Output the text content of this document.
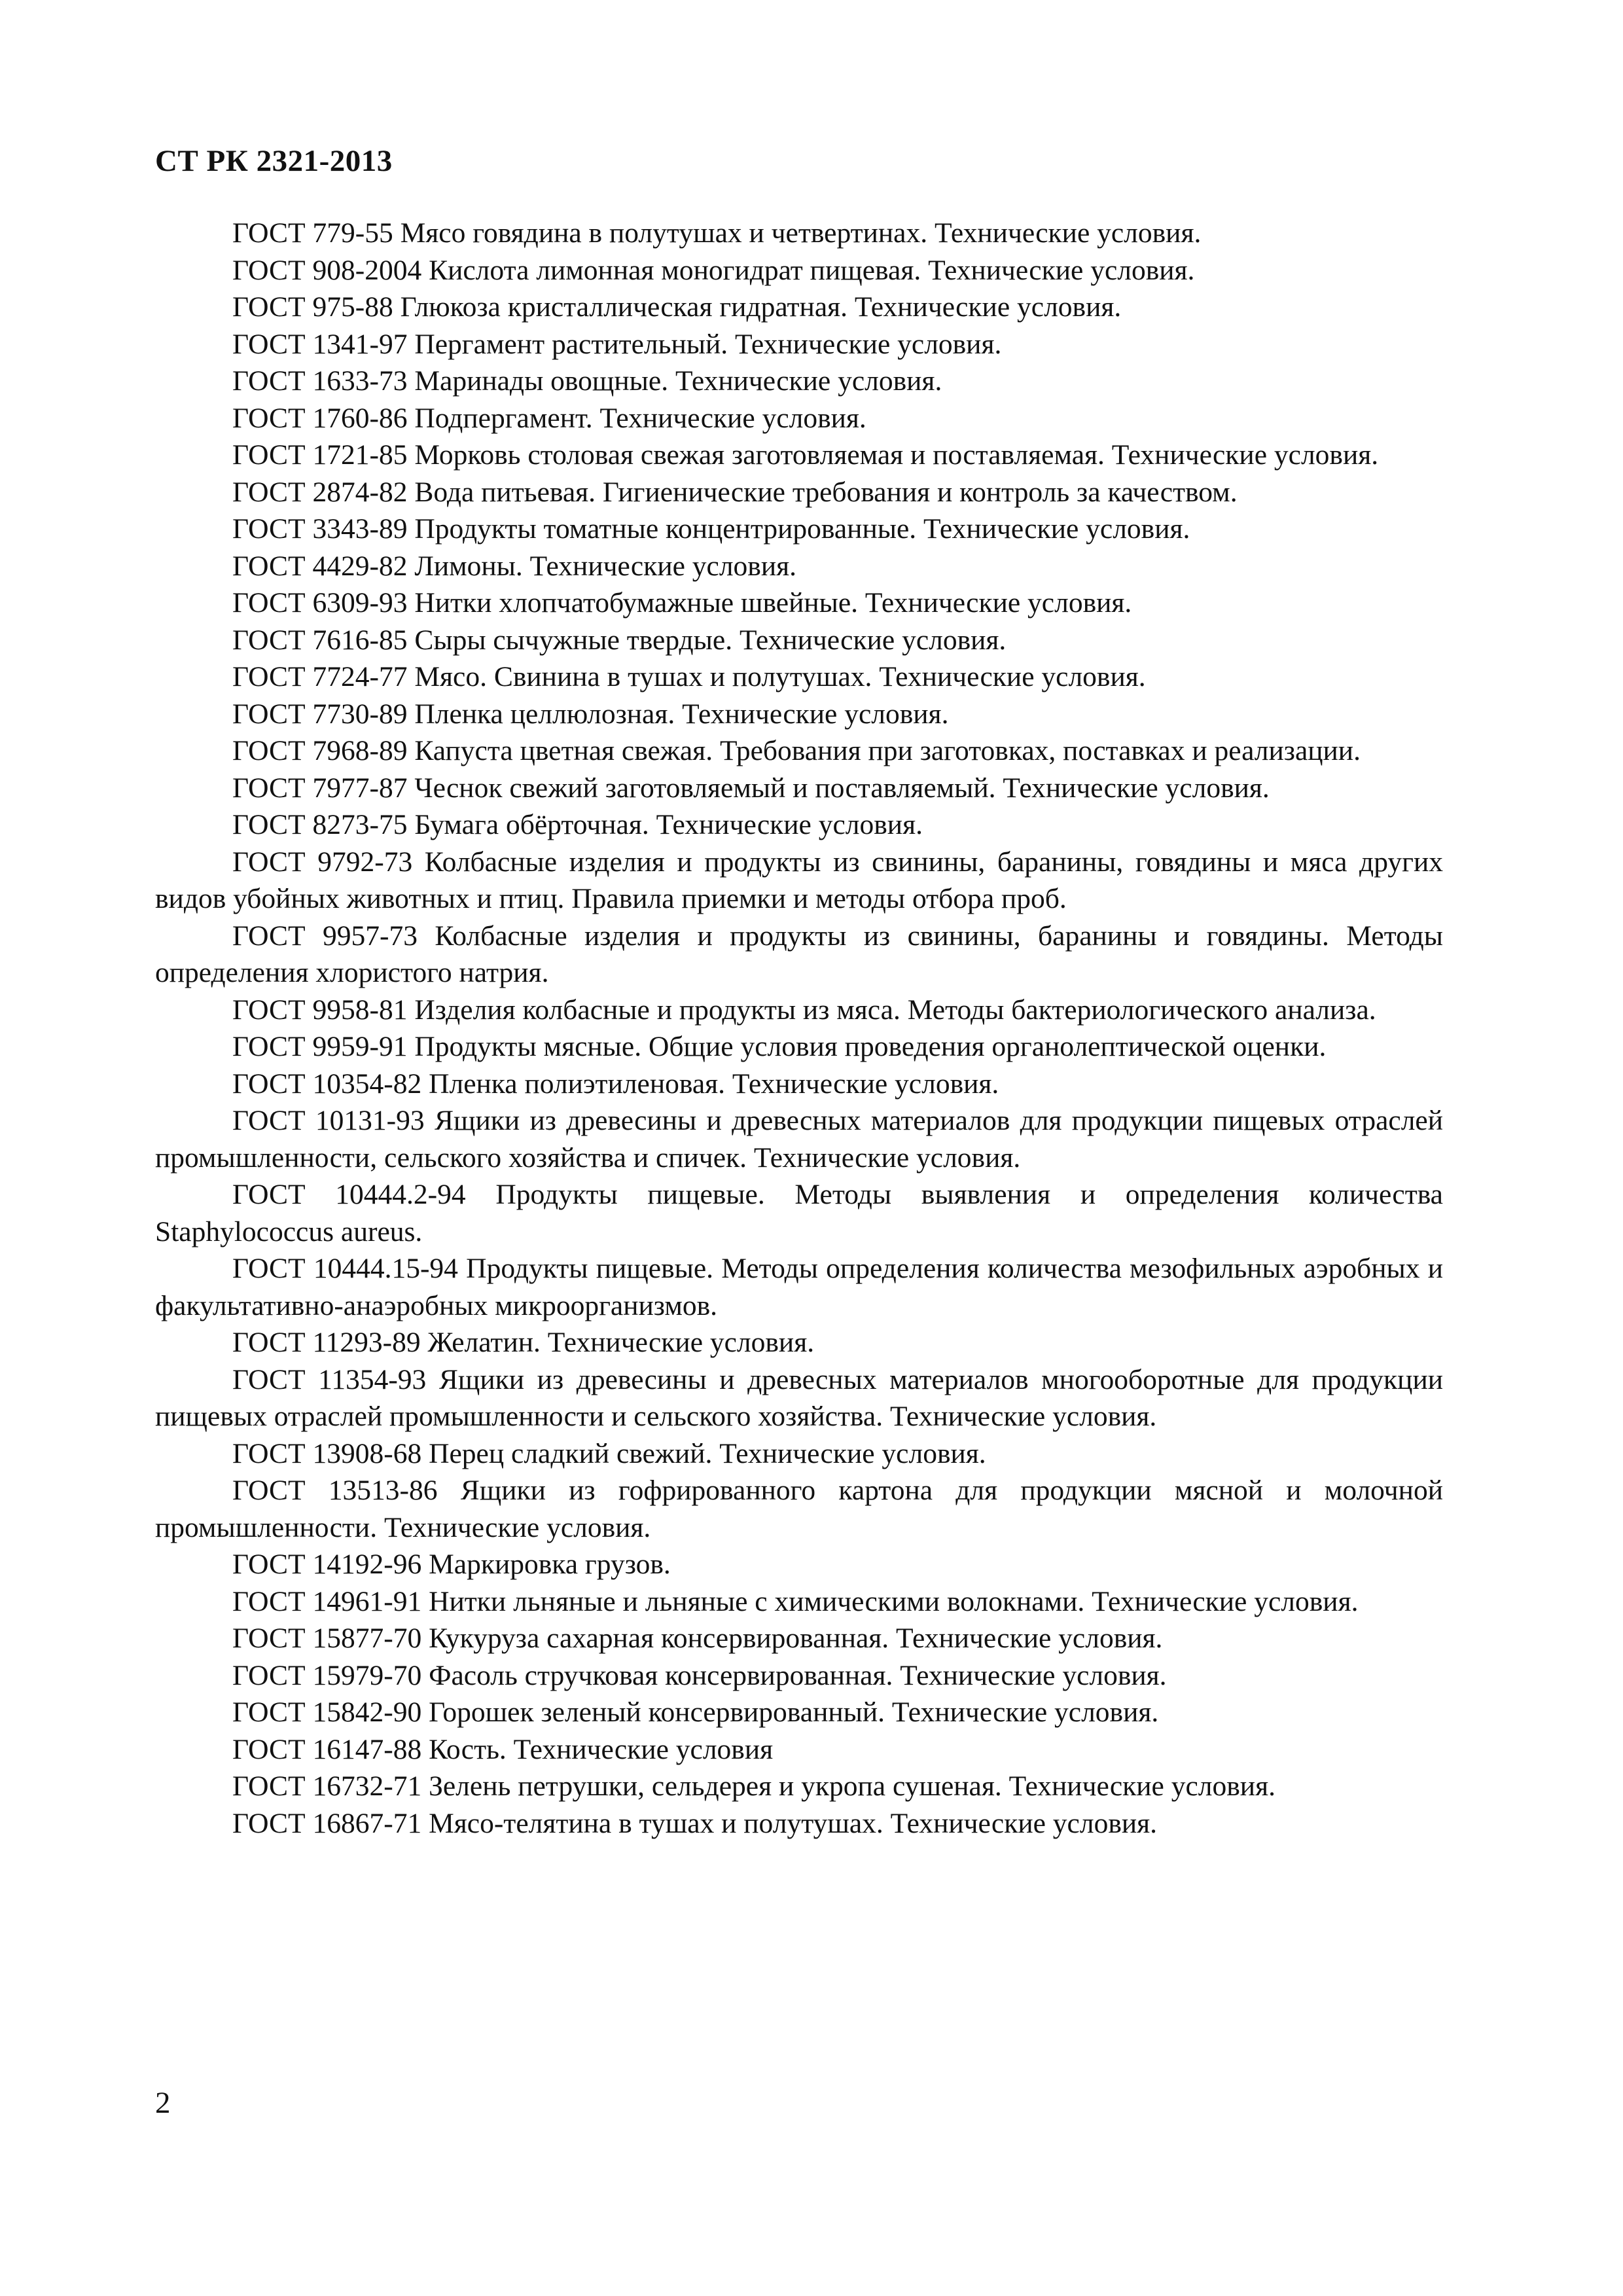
СТ РК 2321-2013
ГОСТ 779-55 Мясо говядина в полутушах и четвертинах. Технические условия.
ГОСТ 908-2004 Кислота лимонная моногидрат пищевая. Технические условия.
ГОСТ 975-88 Глюкоза кристаллическая гидратная. Технические условия.
ГОСТ 1341-97 Пергамент растительный. Технические условия.
ГОСТ 1633-73 Маринады овощные. Технические условия.
ГОСТ 1760-86 Подпергамент. Технические условия.
ГОСТ 1721-85 Морковь столовая свежая заготовляемая и поставляемая. Технические условия.
ГОСТ 2874-82 Вода питьевая. Гигиенические требования и контроль за качеством.
ГОСТ 3343-89 Продукты томатные концентрированные. Технические условия.
ГОСТ 4429-82 Лимоны. Технические условия.
ГОСТ 6309-93 Нитки хлопчатобумажные швейные. Технические условия.
ГОСТ 7616-85 Сыры сычужные твердые. Технические условия.
ГОСТ 7724-77 Мясо. Свинина в тушах и полутушах. Технические условия.
ГОСТ 7730-89 Пленка целлюлозная. Технические условия.
ГОСТ 7968-89 Капуста цветная свежая. Требования при заготовках, поставках и реализации.
ГОСТ 7977-87 Чеснок свежий заготовляемый и поставляемый. Технические условия.
ГОСТ 8273-75 Бумага обёрточная. Технические условия.
ГОСТ 9792-73 Колбасные изделия и продукты из свинины, баранины, говядины и мяса других видов убойных животных и птиц. Правила приемки и методы отбора проб.
ГОСТ 9957-73 Колбасные изделия и продукты из свинины, баранины и говядины. Методы определения хлористого натрия.
ГОСТ 9958-81 Изделия колбасные и продукты из мяса. Методы бактериологического анализа.
ГОСТ 9959-91 Продукты мясные. Общие условия проведения органолептической оценки.
ГОСТ 10354-82 Пленка полиэтиленовая. Технические условия.
ГОСТ 10131-93 Ящики из древесины и древесных материалов для продукции пищевых отраслей промышленности, сельского хозяйства и спичек. Технические условия.
ГОСТ 10444.2-94 Продукты пищевые. Методы выявления и определения количества Staphylococcus aureus.
ГОСТ 10444.15-94 Продукты пищевые. Методы определения количества мезофильных аэробных и факультативно-анаэробных микроорганизмов.
ГОСТ 11293-89 Желатин. Технические условия.
ГОСТ 11354-93 Ящики из древесины и древесных материалов многооборотные для продукции пищевых отраслей промышленности и сельского хозяйства. Технические условия.
ГОСТ 13908-68 Перец сладкий свежий. Технические условия.
ГОСТ 13513-86 Ящики из гофрированного картона для продукции мясной и молочной промышленности. Технические условия.
ГОСТ 14192-96 Маркировка грузов.
ГОСТ 14961-91 Нитки льняные и льняные с химическими волокнами. Технические условия.
ГОСТ 15877-70 Кукуруза сахарная консервированная. Технические условия.
ГОСТ 15979-70 Фасоль стручковая консервированная. Технические условия.
ГОСТ 15842-90 Горошек зеленый консервированный. Технические условия.
ГОСТ 16147-88 Кость. Технические условия
ГОСТ 16732-71 Зелень петрушки, сельдерея и укропа сушеная. Технические условия.
ГОСТ 16867-71 Мясо-телятина в тушах и полутушах. Технические условия.
2
